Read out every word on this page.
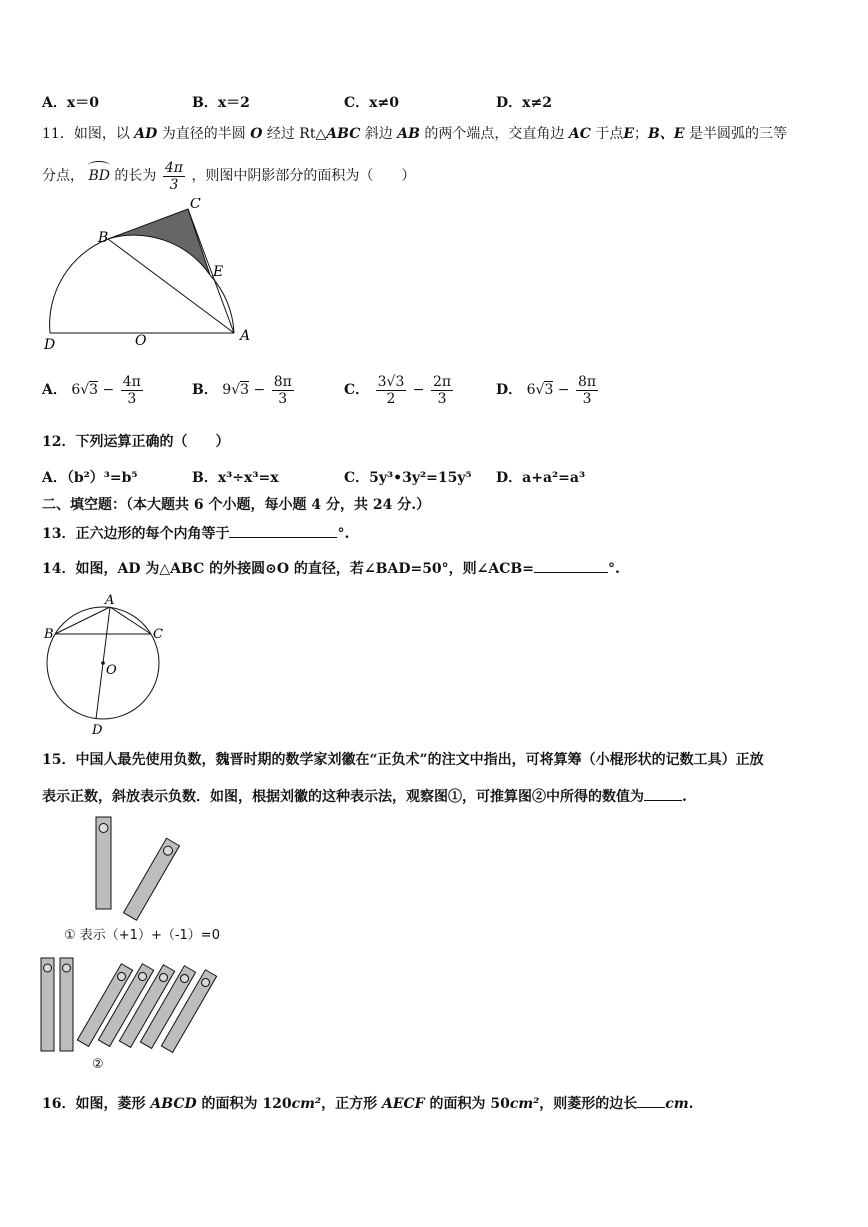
A．x＝0	B．x＝2	C．x≠0	D．x≠2
11．如图，以 AD 为直径的半圆 O 经过 Rt△ABC 斜边 AB 的两个端点，交直角边 AC 于点E；B、E 是半圆弧的三等
分点， BD 的长为 $\frac{4\pi}{3}$ ，则图中阴影部分的面积为（　　）
C
B
E
D	O	A
A． $6√3 - \frac{4\pi}{3}$	B． $9√3 - \frac{8\pi}{3}$	C． $\frac{3√3}{2} - \frac{2\pi}{3}$	D． $6√3 - \frac{8\pi}{3}$
12．下列运算正确的（　　）
A．（b²）³=b⁵	B．x³÷x³=x	C．5y³•3y²=15y⁵ D．a+a²=a³
二、填空题：（本大题共 6 个小题，每小题 4 分，共 24 分.）
13．正六边形的每个内角等于	°.
14．如图，AD 为△ABC 的外接圆⊙O 的直径，若∠BAD=50°，则∠ACB=	°.
A
B	C
O
D
15．中国人最先使用负数，魏晋时期的数学家刘徽在“正负术”的注文中指出，可将算筹（小棍形状的记数工具）正放
表示正数，斜放表示负数．如图，根据刘徽的这种表示法，观察图①，可推算图②中所得的数值为	.
① 表示（+1）+（-1）=0
②
16．如图，菱形 ABCD 的面积为 120cm²，正方形 AECF 的面积为 50cm²，则菱形的边长 cm.
